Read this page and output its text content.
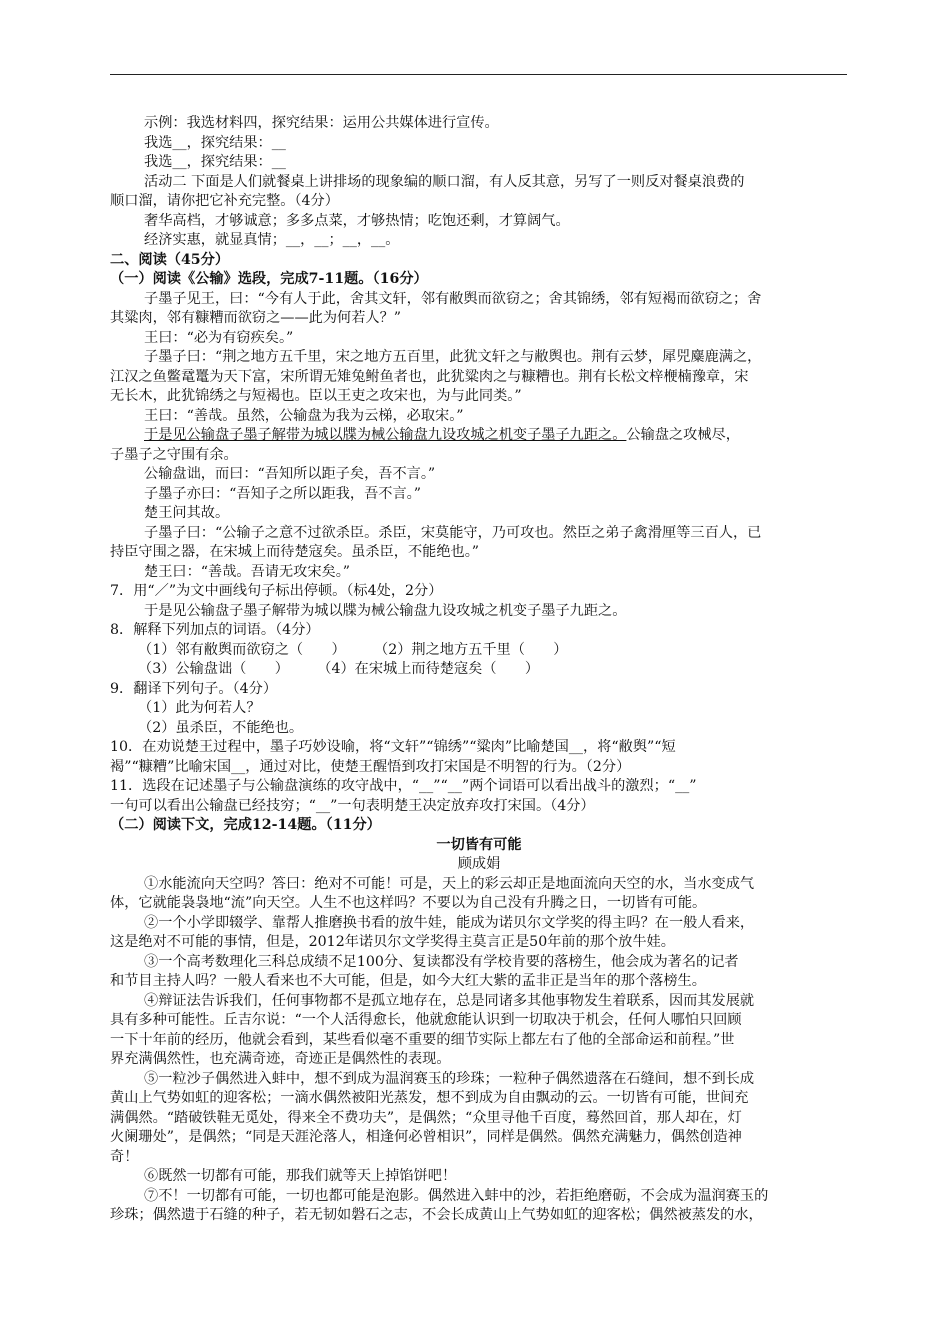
示例：我选材料四，探究结果：运用公共媒体进行宣传。
我选__，探究结果：__
我选__，探究结果：__
活动二 下面是人们就餐桌上讲排场的现象编的顺口溜，有人反其意，另写了一则反对餐桌浪费的
顺口溜，请你把它补充完整。（4分）
奢华高档，才够诚意；多多点菜，才够热情；吃饱还剩，才算阔气。
经济实惠，就显真情；__，__；__，__。
二、阅读（45分）
（一）阅读《公输》选段，完成7-11题。（16分）
子墨子见王，曰：“今有人于此，舍其文轩，邻有敝舆而欲窃之；舍其锦绣，邻有短褐而欲窃之；舍
其粱肉，邻有糠糟而欲窃之——此为何若人？”
王曰：“必为有窃疾矣。”
子墨子曰：“荆之地方五千里，宋之地方五百里，此犹文轩之与敝舆也。荆有云梦，犀兕麋鹿满之，
江汉之鱼鳖鼋鼍为天下富，宋所谓无雉兔鲋鱼者也，此犹粱肉之与糠糟也。荆有长松文梓楩楠豫章，宋
无长木，此犹锦绣之与短褐也。臣以王吏之攻宋也，为与此同类。”
王曰：“善哉。虽然，公输盘为我为云梯，必取宋。”
于是见公输盘子墨子解带为城以牒为械公输盘九设攻城之机变子墨子九距之。公输盘之攻械尽，
子墨子之守围有余。
公输盘诎，而曰：“吾知所以距子矣，吾不言。”
子墨子亦曰：“吾知子之所以距我，吾不言。”
楚王问其故。
子墨子曰：“公输子之意不过欲杀臣。杀臣，宋莫能守，乃可攻也。然臣之弟子禽滑厘等三百人，已
持臣守围之器，在宋城上而待楚寇矣。虽杀臣，不能绝也。”
楚王曰：“善哉。吾请无攻宋矣。”
7．用“／”为文中画线句子标出停顿。（标4处，2分）
于是见公输盘子墨子解带为城以牒为械公输盘九设攻城之机变子墨子九距之。
8．解释下列加点的词语。（4分）
（1）邻有敝舆而欲窃之（　　）　　　（2）荆之地方五千里（　　）
（3）公输盘诎（　　）　　　（4）在宋城上而待楚寇矣（　　）
9．翻译下列句子。（4分）
（1）此为何若人？
（2）虽杀臣，不能绝也。
10．在劝说楚王过程中，墨子巧妙设喻，将“文轩”“锦绣”“粱肉”比喻楚国__，将“敝舆”“短
褐”“糠糟”比喻宋国__，通过对比，使楚王醒悟到攻打宋国是不明智的行为。（2分）
11．选段在记述墨子与公输盘演练的攻守战中，“__”“__”两个词语可以看出战斗的激烈；“__”
一句可以看出公输盘已经技穷；“__”一句表明楚王决定放弃攻打宋国。（4分）
（二）阅读下文，完成12-14题。（11分）
一切皆有可能
顾成娟
①水能流向天空吗？答曰：绝对不可能！可是，天上的彩云却正是地面流向天空的水，当水变成气
体，它就能袅袅地“流”向天空。人生不也这样吗？不要以为自己没有升腾之日，一切皆有可能。
②一个小学即辍学、靠帮人推磨换书看的放牛娃，能成为诺贝尔文学奖的得主吗？在一般人看来，
这是绝对不可能的事情，但是，2012年诺贝尔文学奖得主莫言正是50年前的那个放牛娃。
③一个高考数理化三科总成绩不足100分、复读都没有学校肯要的落榜生，他会成为著名的记者
和节目主持人吗？一般人看来也不大可能，但是，如今大红大紫的孟非正是当年的那个落榜生。
④辩证法告诉我们，任何事物都不是孤立地存在，总是同诸多其他事物发生着联系，因而其发展就
具有多种可能性。丘吉尔说：“一个人活得愈长，他就愈能认识到一切取决于机会，任何人哪怕只回顾
一下十年前的经历，他就会看到，某些看似毫不重要的细节实际上都左右了他的全部命运和前程。”世
界充满偶然性，也充满奇迹，奇迹正是偶然性的表现。
⑤一粒沙子偶然进入蚌中，想不到成为温润赛玉的珍珠；一粒种子偶然遗落在石缝间，想不到长成
黄山上气势如虹的迎客松；一滴水偶然被阳光蒸发，想不到成为自由飘动的云。一切皆有可能，世间充
满偶然。“踏破铁鞋无觅处，得来全不费功夫”，是偶然；“众里寻他千百度，蓦然回首，那人却在，灯
火阑珊处”，是偶然；“同是天涯沦落人，相逢何必曾相识”，同样是偶然。偶然充满魅力，偶然创造神
奇！
⑥既然一切都有可能，那我们就等天上掉馅饼吧！
⑦不！一切都有可能，一切也都可能是泡影。偶然进入蚌中的沙，若拒绝磨砺，不会成为温润赛玉的
珍珠；偶然遗于石缝的种子，若无韧如磐石之志，不会长成黄山上气势如虹的迎客松；偶然被蒸发的水，
